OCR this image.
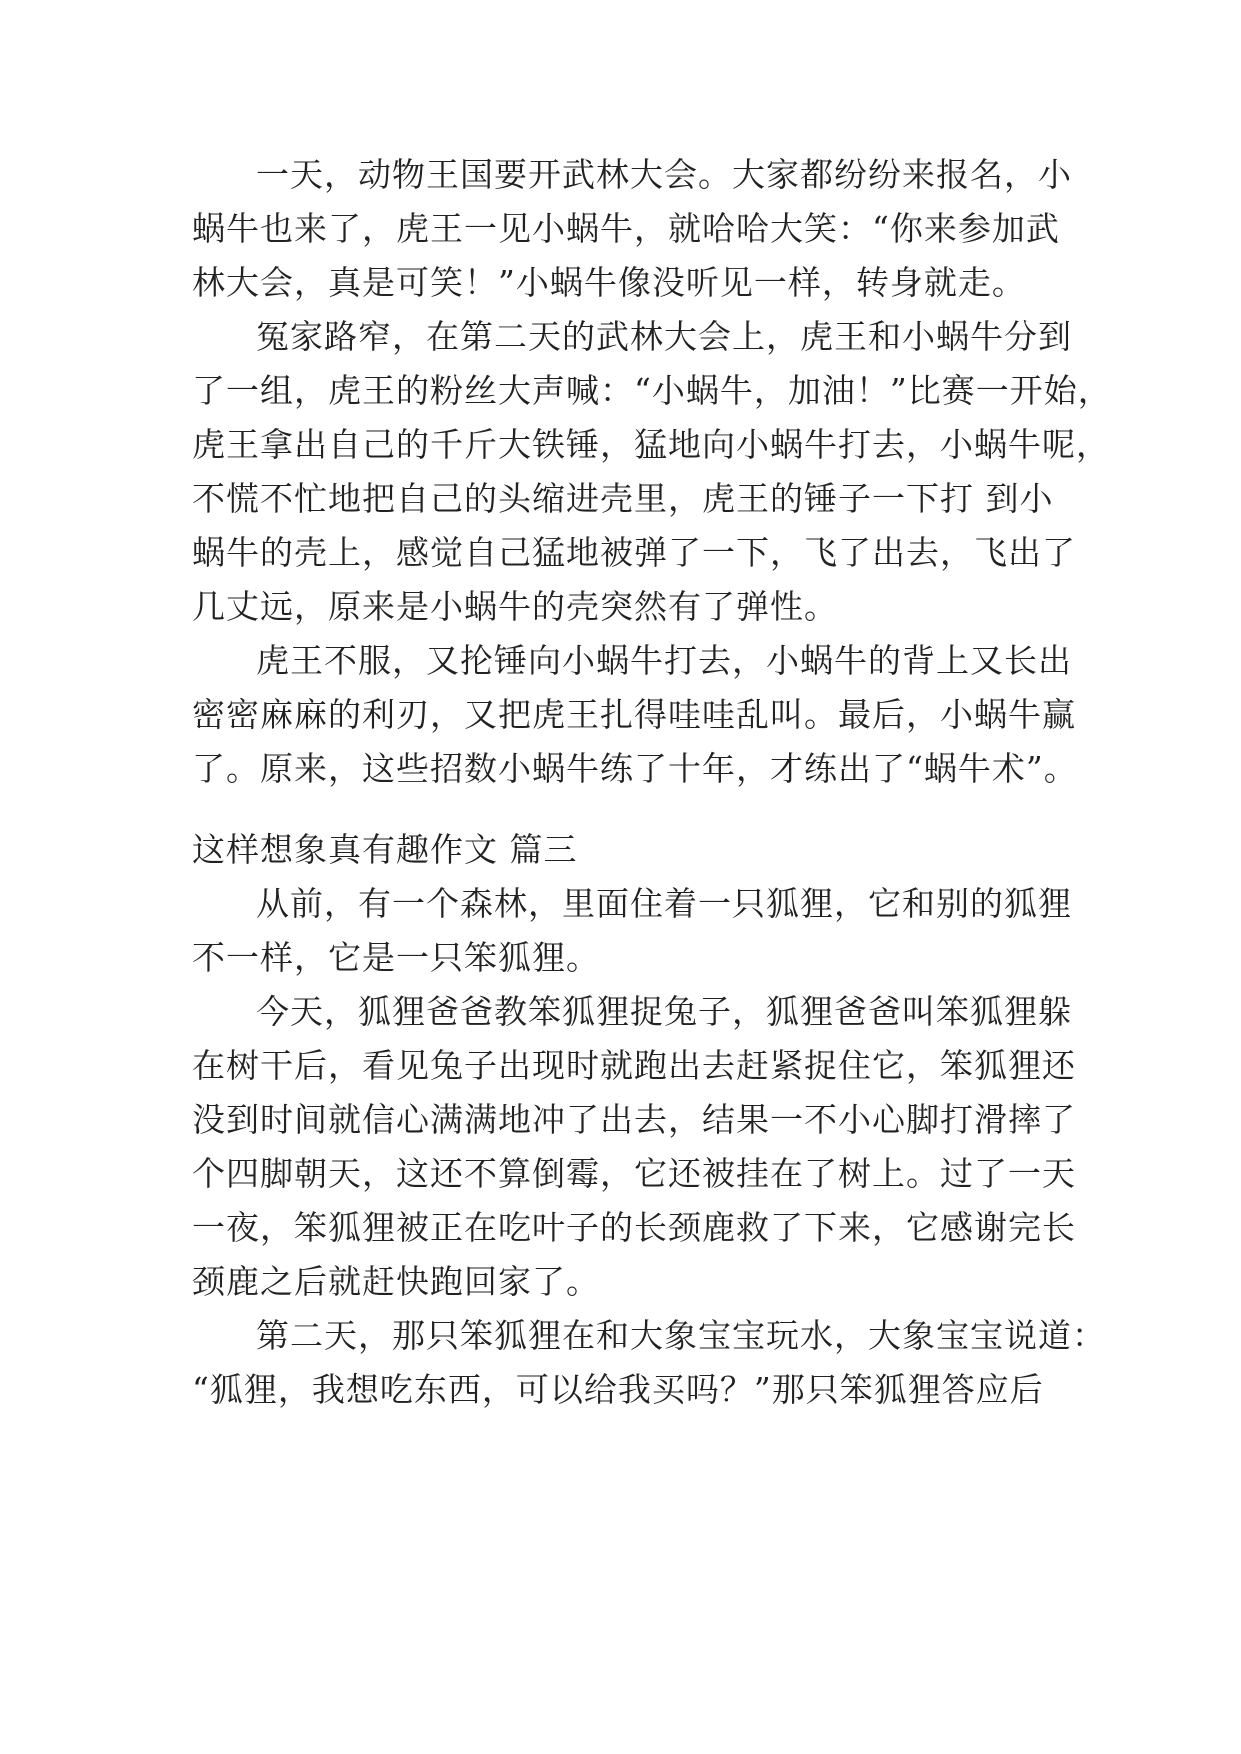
一天，动物王国要开武林大会。大家都纷纷来报名，小
蜗牛也来了，虎王一见小蜗牛，就哈哈大笑：“你来参加武
林大会，真是可笑！”小蜗牛像没听见一样，转身就走。
冤家路窄，在第二天的武林大会上，虎王和小蜗牛分到
了一组，虎王的粉丝大声喊：“小蜗牛，加油！”比赛一开始，
虎王拿出自己的千斤大铁锤，猛地向小蜗牛打去，小蜗牛呢，
不慌不忙地把自己的头缩进壳里，虎王的锤子一下打 到小
蜗牛的壳上，感觉自己猛地被弹了一下，飞了出去，飞出了
几丈远，原来是小蜗牛的壳突然有了弹性。
虎王不服，又抡锤向小蜗牛打去，小蜗牛的背上又长出
密密麻麻的利刃，又把虎王扎得哇哇乱叫。最后，小蜗牛赢
了。原来，这些招数小蜗牛练了十年，才练出了“蜗牛术”。
这样想象真有趣作文 篇三
从前，有一个森林，里面住着一只狐狸，它和别的狐狸
不一样，它是一只笨狐狸。
今天，狐狸爸爸教笨狐狸捉兔子，狐狸爸爸叫笨狐狸躲
在树干后，看见兔子出现时就跑出去赶紧捉住它，笨狐狸还
没到时间就信心满满地冲了出去，结果一不小心脚打滑摔了
个四脚朝天，这还不算倒霉，它还被挂在了树上。过了一天
一夜，笨狐狸被正在吃叶子的长颈鹿救了下来，它感谢完长
颈鹿之后就赶快跑回家了。
第二天，那只笨狐狸在和大象宝宝玩水，大象宝宝说道：
“狐狸，我想吃东西，可以给我买吗？”那只笨狐狸答应后
